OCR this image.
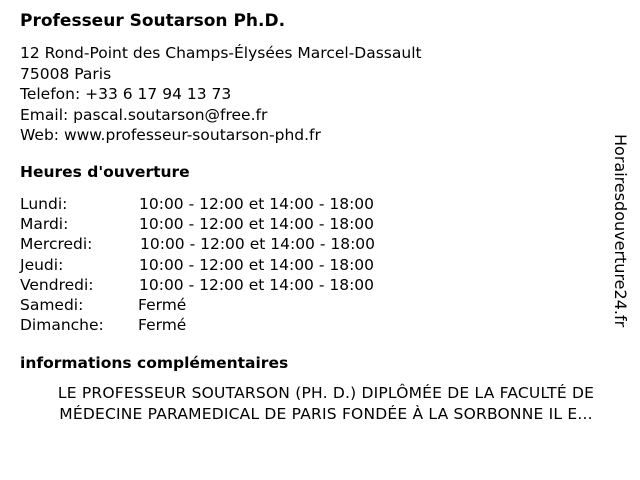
Professeur Soutarson Ph.D.
12 Rond-Point des Champs-Élysées Marcel-Dassault
75008 Paris
Telefon: +33 6 17 94 13 73
Email: pascal.soutarson@free.fr
Web: www.professeur-soutarson-phd.fr
Heures d'ouverture
Lundi:	10:00 - 12:00 et 14:00 - 18:00
Mardi:	10:00 - 12:00 et 14:00 - 18:00
Mercredi:	10:00 - 12:00 et 14:00 - 18:00
Jeudi:	10:00 - 12:00 et 14:00 - 18:00
Vendredi:	10:00 - 12:00 et 14:00 - 18:00
Samedi:	Fermé
Dimanche: Fermé
informations complémentaires
LE PROFESSEUR SOUTARSON (PH. D.) DIPLÔMÉE DE LA FACULTÉ DE
MÉDECINE PARAMEDICAL DE PARIS FONDÉE À LA SORBONNE IL E...
Horairesdouverture24.fr
